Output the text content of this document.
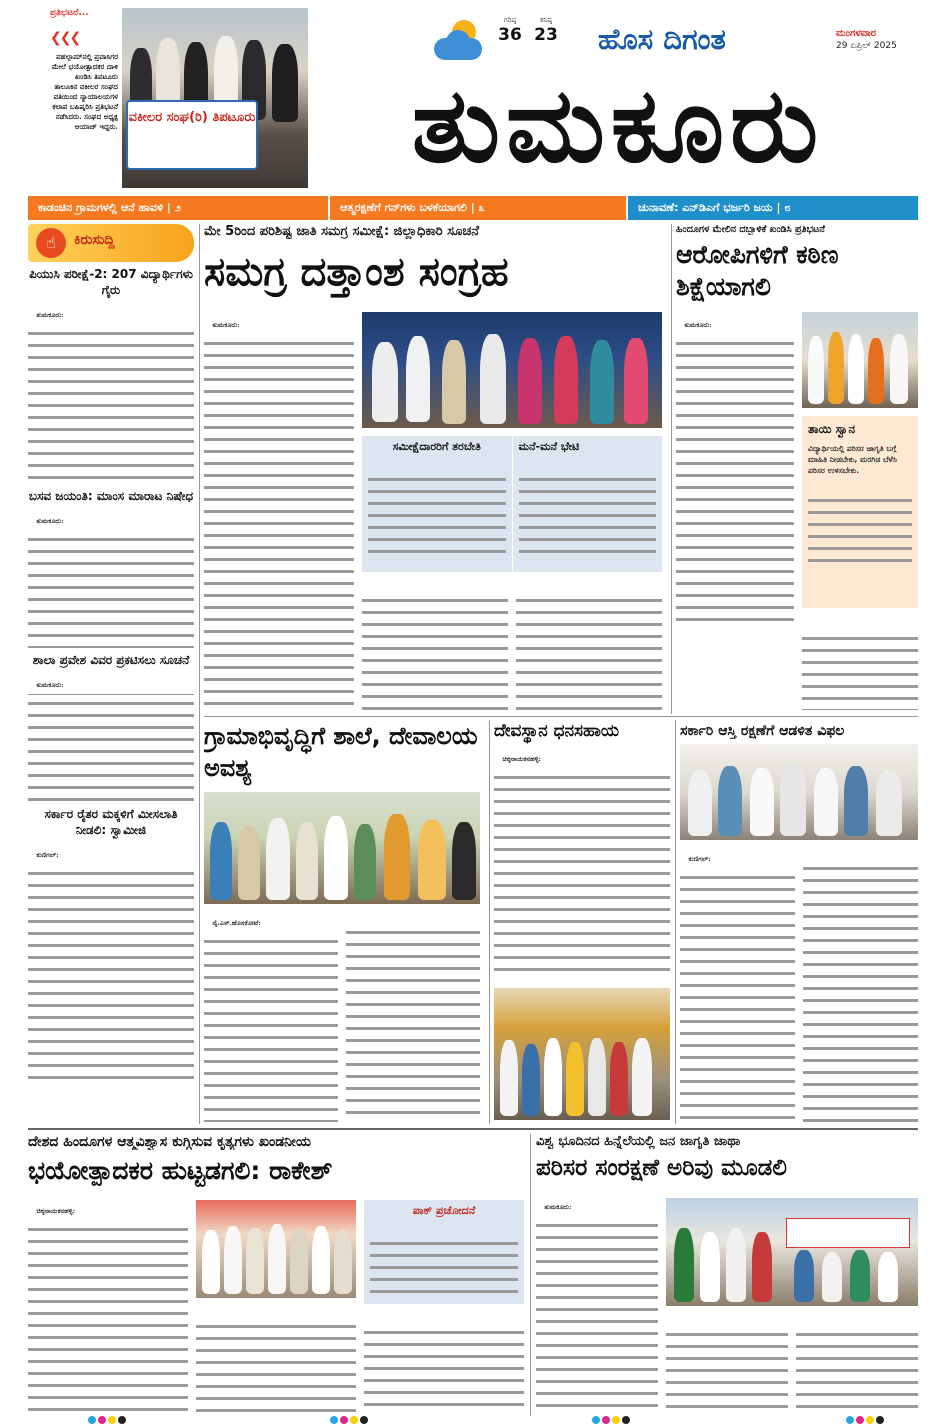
ಪ್ರತಿಭಟನೆ...
❮❮❮
ಪಹಲ್ಗಾಮ್‌ನಲ್ಲಿ ಪ್ರವಾಸಿಗರ ಮೇಲೆ ಭಯೋತ್ಪಾದಕರ ದಾಳಿ ಖಂಡಿಸಿ ತಿಪಟೂರು ತಾಲೂಕಿನ ವಕೀಲರ ಸಂಘದ ವತಿಯಿಂದ ನ್ಯಾಯಾಲಯಗಳ ಕಲಾಪ ಬಹಿಷ್ಕರಿಸಿ ಪ್ರತಿಭಟನೆ ನಡೆಸಿದರು. ಸಂಘದ ಅಧ್ಯಕ್ಷ ಆಯಾಜ್ ಇದ್ದರು.
ವಕೀಲರ ಸಂಘ(ರಿ) ತಿಪಟೂರು
ಗರಿಷ್ಠ
36
ಕನಿಷ್ಠ
23 ಹೊಸ ದಿಗಂತ	ಮಂಗಳವಾರ
29 ಏಪ್ರಿಲ್ 2025
ತುಮಕೂರು
ಕಾಡಂಚಿನ ಗ್ರಾಮಗಳಲ್ಲಿ ಆನೆ ಹಾವಳಿ | ೨	ಆತ್ಮರಕ್ಷಣೆಗೆ ಗನ್‌ಗಳು ಬಳಕೆಯಾಗಲಿ | ೩	ಚುನಾವಣೆ: ಎನ್‌ಡಿಎಗೆ ಭರ್ಜರಿ ಜಯ | ೮
☝	ಕಿರುಸುದ್ದಿ
ಪಿಯುಸಿ ಪರೀಕ್ಷೆ-2: 207 ವಿದ್ಯಾರ್ಥಿಗಳು ಗೈರು

ತುಮಕೂರು:

ಬಸವ ಜಯಂತಿ: ಮಾಂಸ ಮಾರಾಟ ನಿಷೇಧ

ತುಮಕೂರು:

ಶಾಲಾ ಪ್ರವೇಶ ವಿವರ ಪ್ರಕಟಿಸಲು ಸೂಚನೆ

ತುಮಕೂರು:

ಸರ್ಕಾರ ರೈತರ ಮಕ್ಕಳಿಗೆ ಮೀಸಲಾತಿ ನೀಡಲಿ: ಸ್ವಾಮೀಜಿ

ಕುಣಿಗಲ್:

ಮೇ 5ರಿಂದ ಪರಿಶಿಷ್ಟ ಜಾತಿ ಸಮಗ್ರ ಸಮೀಕ್ಷೆ: ಜಿಲ್ಲಾಧಿಕಾರಿ ಸೂಚನೆ
ಸಮಗ್ರ ದತ್ತಾಂಶ ಸಂಗ್ರಹ

ತುಮಕೂರು:

ಸಮೀಕ್ಷೆದಾರರಿಗೆ ತರಬೇತಿ

	ಮನೆ-ಮನೆ ಭೇಟಿ

ಹಿಂದೂಗಳ ಮೇಲಿನ ದಬ್ಬಾಳಿಕೆ ಖಂಡಿಸಿ ಪ್ರತಿಭಟನೆ
ಆರೋಪಿಗಳಿಗೆ ಕಠಿಣ ಶಿಕ್ಷೆಯಾಗಲಿ

ತುಮಕೂರು:

ತಾಯಿ ಸ್ವಾನ
ವಿದ್ಯಾರ್ಥಿಯಲ್ಲಿ ಪರಿಸರ ಜಾಗೃತಿ ಬಗ್ಗೆ ಮಾಹಿತಿ ನೀಡಬೇಕು, ಮರಗಿಡ ಬೆಳೆಸಿ ಪರಿಸರ ಉಳಿಸಬೇಕು.

ಗ್ರಾಮಾಭಿವೃದ್ಧಿಗೆ ಶಾಲೆ, ದೇವಾಲಯ ಅವಶ್ಯ

ನೈ.ಎಸ್.ಹೊಸಕೋಟೆ:

ದೇವಸ್ಥಾನ ಧನಸಹಾಯ

ಚಿಕ್ಕನಾಯಕನಹಳ್ಳಿ:

ಸರ್ಕಾರಿ ಆಸ್ತಿ ರಕ್ಷಣೆಗೆ ಆಡಳಿತ ವಿಫಲ

ಕುಣಿಗಲ್:

ದೇಶದ ಹಿಂದೂಗಳ ಆತ್ಮವಿಶ್ವಾಸ ಕುಗ್ಗಿಸುವ ಕೃತ್ಯಗಳು ಖಂಡನೀಯ
ಭಯೋತ್ಪಾದಕರ ಹುಟ್ಟಡಗಲಿ: ರಾಕೇಶ್

ಚಿಕ್ಕನಾಯಕನಹಳ್ಳಿ:

	ಪಾಕ್ ಪ್ರಚೋದನೆ

ವಿಶ್ವ ಭೂದಿನದ ಹಿನ್ನೆಲೆಯಲ್ಲಿ ಜನ ಜಾಗೃತಿ ಜಾಥಾ
ಪರಿಸರ ಸಂರಕ್ಷಣೆ ಅರಿವು ಮೂಡಲಿ

ತುಮಕೂರು:
